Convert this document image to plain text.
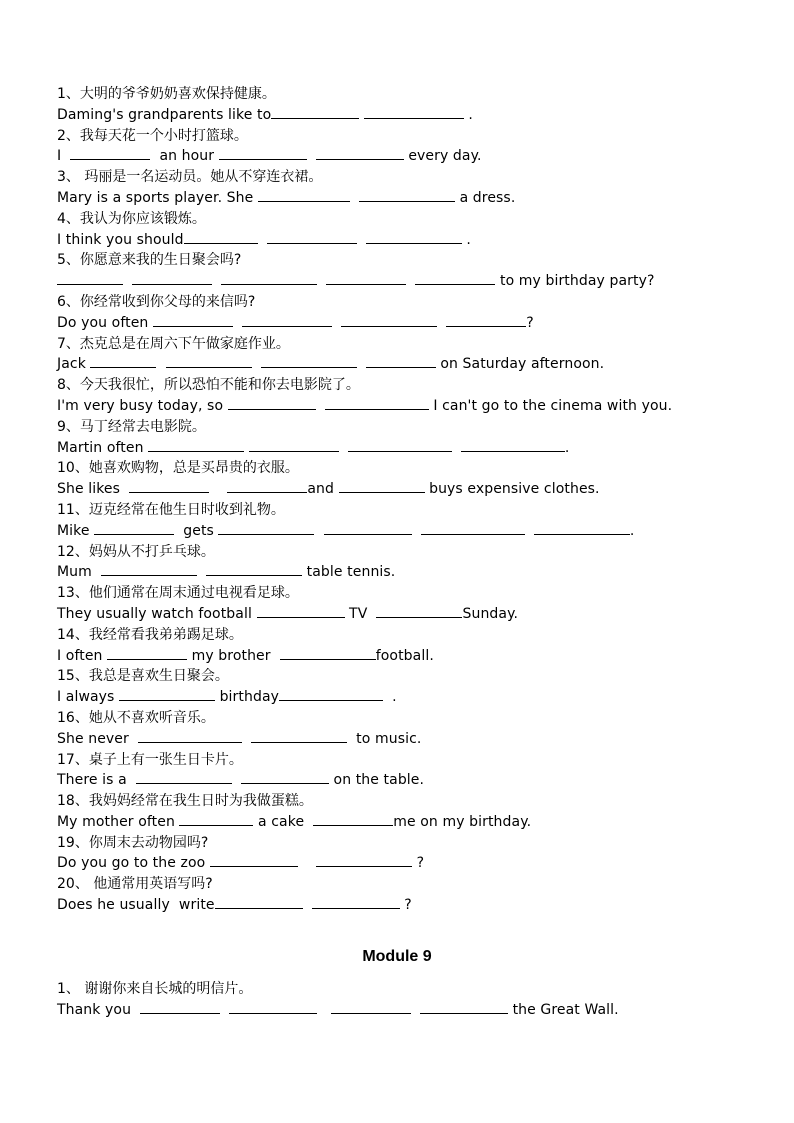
1、大明的爷爷奶奶喜欢保持健康。
Daming's grandparents like to	.
2、我每天花一个小时打篮球。
I	an hour	every day.
3、 玛丽是一名运动员。她从不穿连衣裙。
Mary is a sports player. She	a dress.
4、我认为你应该锻炼。
I think you should	.
5、你愿意来我的生日聚会吗?
to my birthday party?
6、你经常收到你父母的来信吗?
Do you often	?
7、杰克总是在周六下午做家庭作业。
Jack	on Saturday afternoon.
8、今天我很忙，所以恐怕不能和你去电影院了。
I'm very busy today, so	I can't go to the cinema with you.
9、马丁经常去电影院。
Martin often	.
10、她喜欢购物，总是买昂贵的衣服。
She likes	and	buys expensive clothes.
11、迈克经常在他生日时收到礼物。
Mike	gets	.
12、妈妈从不打乒乓球。
Mum	table tennis.
13、他们通常在周末通过电视看足球。
They usually watch football	TV	Sunday.
14、我经常看我弟弟踢足球。
I often	my brother	football.
15、我总是喜欢生日聚会。
I always	birthday	.
16、她从不喜欢听音乐。
She never	to music.
17、桌子上有一张生日卡片。
There is a	on the table.
18、我妈妈经常在我生日时为我做蛋糕。
My mother often	a cake	me on my birthday.
19、你周末去动物园吗?
Do you go to the zoo	?
20、 他通常用英语写吗?
Does he usually  write	?
Module 9
1、 谢谢你来自长城的明信片。
Thank you	the Great Wall.
